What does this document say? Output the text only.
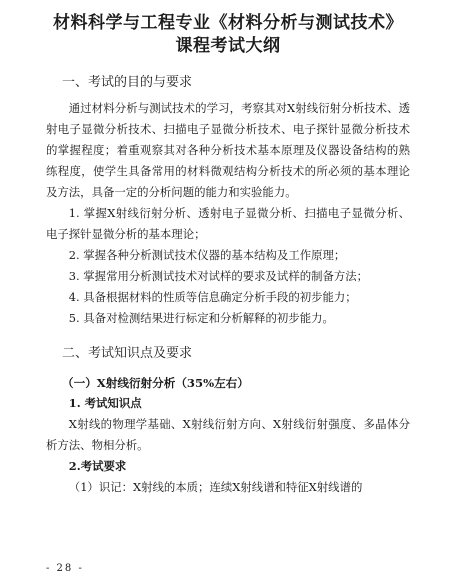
材料科学与工程专业《材料分析与测试技术》
课程考试大纲
一、考试的目的与要求
通过材料分析与测试技术的学习，考察其对X射线衍射分析技术、透射电子显微分析技术、扫描电子显微分析技术、电子探针显微分析技术的掌握程度；着重观察其对各种分析技术基本原理及仪器设备结构的熟练程度，使学生具备常用的材料微观结构分析技术的所必须的基本理论及方法，具备一定的分析问题的能力和实验能力。
1. 掌握X射线衍射分析、透射电子显微分析、扫描电子显微分析、电子探针显微分析的基本理论；
2. 掌握各种分析测试技术仪器的基本结构及工作原理；
3. 掌握常用分析测试技术对试样的要求及试样的制备方法；
4. 具备根据材料的性质等信息确定分析手段的初步能力；
5. 具备对检测结果进行标定和分析解释的初步能力。
二、考试知识点及要求
（一）X射线衍射分析（35%左右）
1. 考试知识点
X射线的物理学基础、X射线衍射方向、X射线衍射强度、多晶体分析方法、物相分析。
2.考试要求
（1）识记：X射线的本质；连续X射线谱和特征X射线谱的
- 28 -
